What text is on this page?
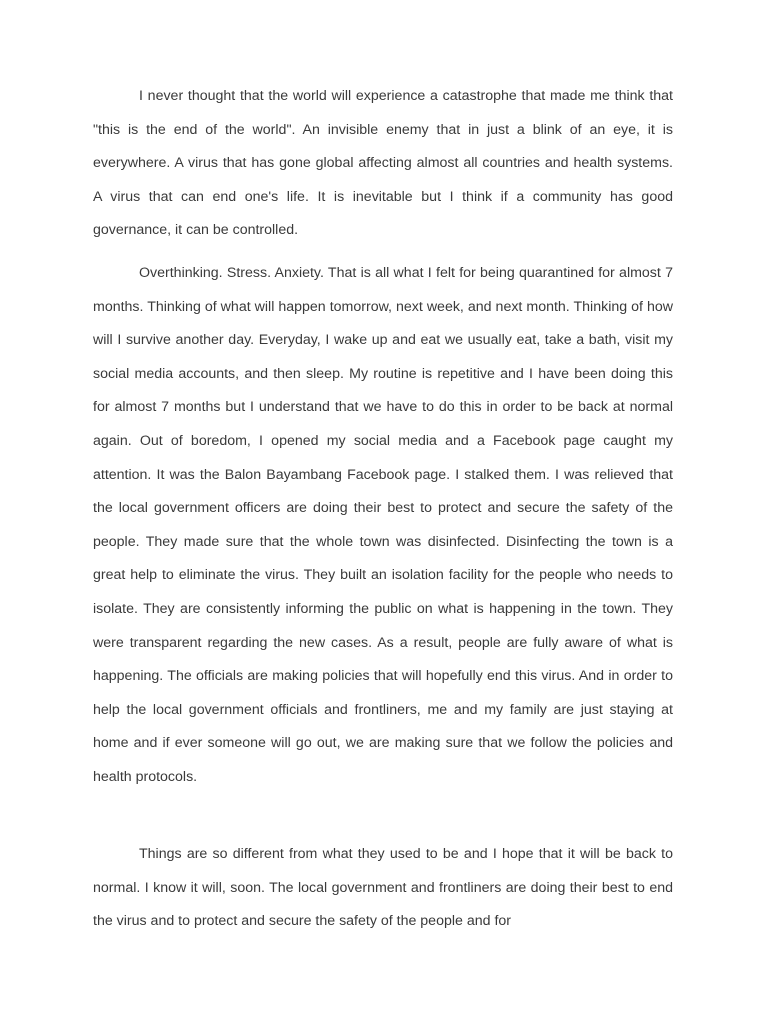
I never thought that the world will experience a catastrophe that made me think that "this is the end of the world". An invisible enemy that in just a blink of an eye, it is everywhere. A virus that has gone global affecting almost all countries and health systems. A virus that can end one's life. It is inevitable but I think if a community has good governance, it can be controlled.

Overthinking. Stress. Anxiety. That is all what I felt for being quarantined for almost 7 months. Thinking of what will happen tomorrow, next week, and next month. Thinking of how will I survive another day. Everyday, I wake up and eat we usually eat, take a bath, visit my social media accounts, and then sleep. My routine is repetitive and I have been doing this for almost 7 months but I understand that we have to do this in order to be back at normal again. Out of boredom, I opened my social media and a Facebook page caught my attention. It was the Balon Bayambang Facebook page. I stalked them. I was relieved that the local government officers are doing their best to protect and secure the safety of the people. They made sure that the whole town was disinfected. Disinfecting the town is a great help to eliminate the virus. They built an isolation facility for the people who needs to isolate. They are consistently informing the public on what is happening in the town. They were transparent regarding the new cases. As a result, people are fully aware of what is happening. The officials are making policies that will hopefully end this virus. And in order to help the local government officials and frontliners, me and my family are just staying at home and if ever someone will go out, we are making sure that we follow the policies and health protocols.

Things are so different from what they used to be and I hope that it will be back to normal. I know it will, soon. The local government and frontliners are doing their best to end the virus and to protect and secure the safety of the people and for
